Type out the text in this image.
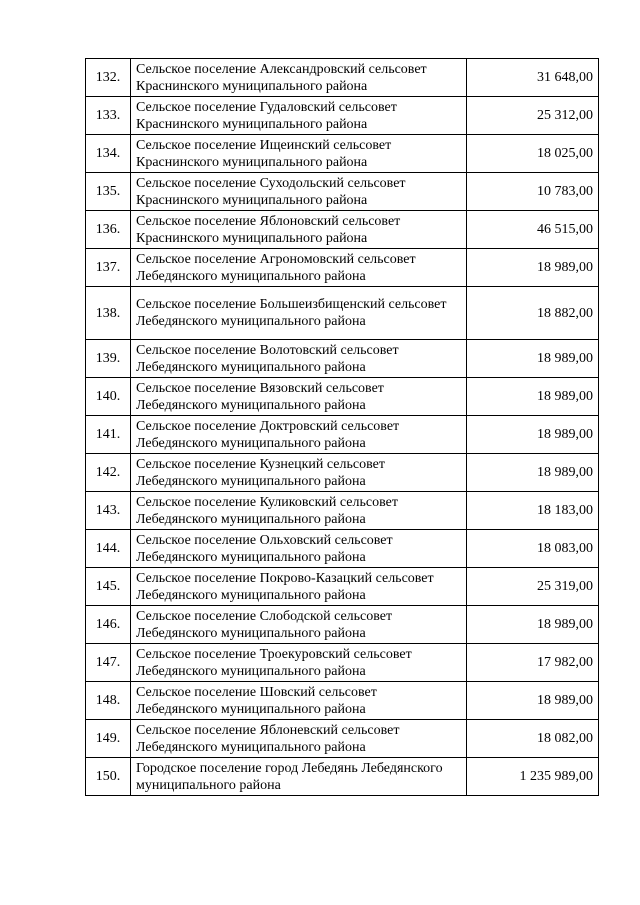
132.	Сельское поселение Александровский сельсовет Краснинского муниципального района	31 648,00
133.	Сельское поселение Гудаловский сельсовет Краснинского муниципального района	25 312,00
134.	Сельское поселение Ищеинский сельсовет Краснинского муниципального района	18 025,00
135.	Сельское поселение Суходольский сельсовет Краснинского муниципального района	10 783,00
136.	Сельское поселение Яблоновский сельсовет Краснинского муниципального района	46 515,00
137.	Сельское поселение Агрономовский сельсовет Лебедянского муниципального района	18 989,00
138.	Сельское поселение Большеизбищенский сельсовет Лебедянского муниципального района	18 882,00
139.	Сельское поселение Волотовский сельсовет Лебедянского муниципального района	18 989,00
140.	Сельское поселение Вязовский сельсовет Лебедянского муниципального района	18 989,00
141.	Сельское поселение Доктровский сельсовет Лебедянского муниципального района	18 989,00
142.	Сельское поселение Кузнецкий сельсовет Лебедянского муниципального района	18 989,00
143.	Сельское поселение Куликовский сельсовет Лебедянского муниципального района	18 183,00
144.	Сельское поселение Ольховский сельсовет Лебедянского муниципального района	18 083,00
145.	Сельское поселение Покрово-Казацкий сельсовет Лебедянского муниципального района	25 319,00
146.	Сельское поселение Слободской сельсовет Лебедянского муниципального района	18 989,00
147.	Сельское поселение Троекуровский сельсовет Лебедянского муниципального района	17 982,00
148.	Сельское поселение Шовский сельсовет Лебедянского муниципального района	18 989,00
149.	Сельское поселение Яблоневский сельсовет Лебедянского муниципального района	18 082,00
150.	Городское поселение город Лебедянь Лебедянского муниципального района	1 235 989,00
